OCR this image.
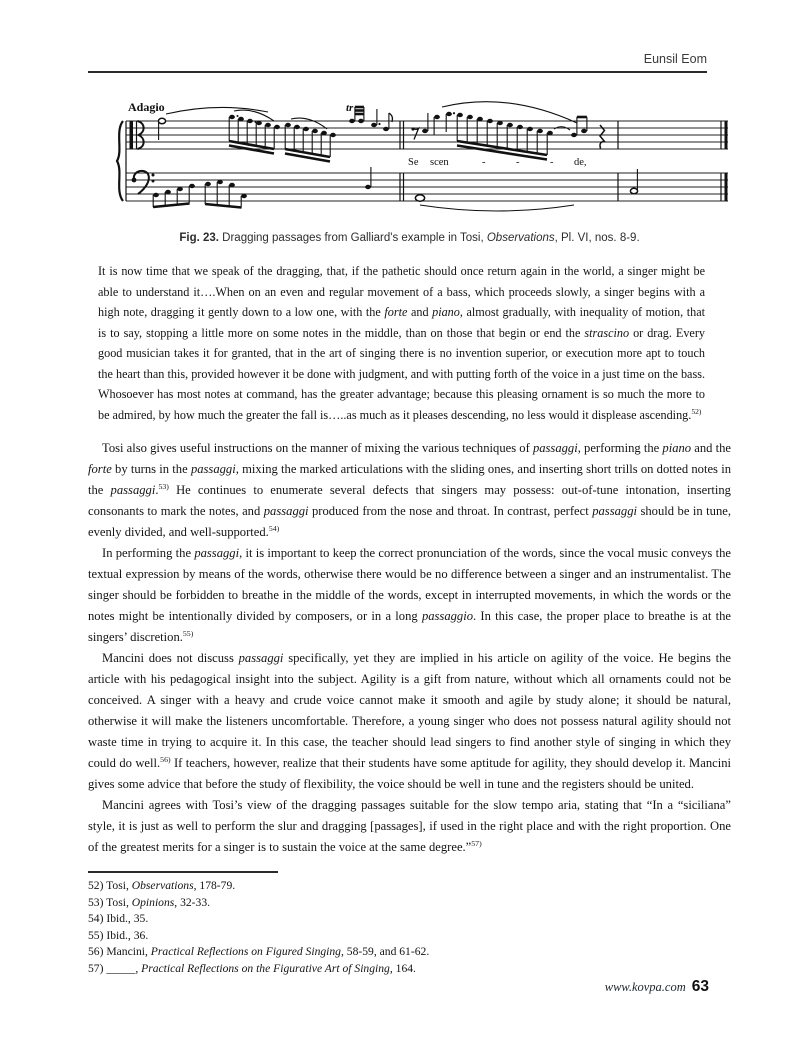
Eunsil Eom
Adagio	tr
Se scen	-	-	- de,
Fig. 23. Dragging passages from Galliard's example in Tosi, Observations, Pl. VI, nos. 8-9.
It is now time that we speak of the dragging, that, if the pathetic should once return again in the world, a singer might be able to understand it….When on an even and regular movement of a bass, which proceeds slowly, a singer begins with a high note, dragging it gently down to a low one, with the forte and piano, almost gradually, with inequality of motion, that is to say, stopping a little more on some notes in the middle, than on those that begin or end the strascino or drag. Every good musician takes it for granted, that in the art of singing there is no invention superior, or execution more apt to touch the heart than this, provided however it be done with judgment, and with putting forth of the voice in a just time on the bass. Whosoever has most notes at command, has the greater advantage; because this pleasing ornament is so much the more to be admired, by how much the greater the fall is…..as much as it pleases descending, no less would it displease ascending.$^{52)}$

Tosi also gives useful instructions on the manner of mixing the various techniques of passaggi, performing the piano and the forte by turns in the passaggi, mixing the marked articulations with the sliding ones, and inserting short trills on dotted notes in the passaggi.$^{53)}$ He continues to enumerate several defects that singers may possess: out-of-tune intonation, inserting consonants to mark the notes, and passaggi produced from the nose and throat. In contrast, perfect passaggi should be in tune, evenly divided, and well-supported.$^{54)}$

In performing the passaggi, it is important to keep the correct pronunciation of the words, since the vocal music conveys the textual expression by means of the words, otherwise there would be no difference between a singer and an instrumentalist. The singer should be forbidden to breathe in the middle of the words, except in interrupted movements, in which the words or the notes might be intentionally divided by composers, or in a long passaggio. In this case, the proper place to breathe is at the singers’ discretion.$^{55)}$

Mancini does not discuss passaggi specifically, yet they are implied in his article on agility of the voice. He begins the article with his pedagogical insight into the subject. Agility is a gift from nature, without which all ornaments could not be conceived. A singer with a heavy and crude voice cannot make it smooth and agile by study alone; it should be natural, otherwise it will make the listeners uncomfortable. Therefore, a young singer who does not possess natural agility should not waste time in trying to acquire it. In this case, the teacher should lead singers to find another style of singing in which they could do well.$^{56)}$ If teachers, however, realize that their students have some aptitude for agility, they should develop it. Mancini gives some advice that before the study of flexibility, the voice should be well in tune and the registers should be united.

Mancini agrees with Tosi’s view of the dragging passages suitable for the slow tempo aria, stating that “In a “siciliana” style, it is just as well to perform the slur and dragging [passages], if used in the right place and with the right proportion. One of the greatest merits for a singer is to sustain the voice at the same degree.”$^{57)}$

52) Tosi, Observations, 178-79.
53) Tosi, Opinions, 32-33.
54) Ibid., 35.
55) Ibid., 36.
56) Mancini, Practical Reflections on Figured Singing, 58-59, and 61-62.
57) _____, Practical Reflections on the Figurative Art of Singing, 164.
www.kovpa.com 63
